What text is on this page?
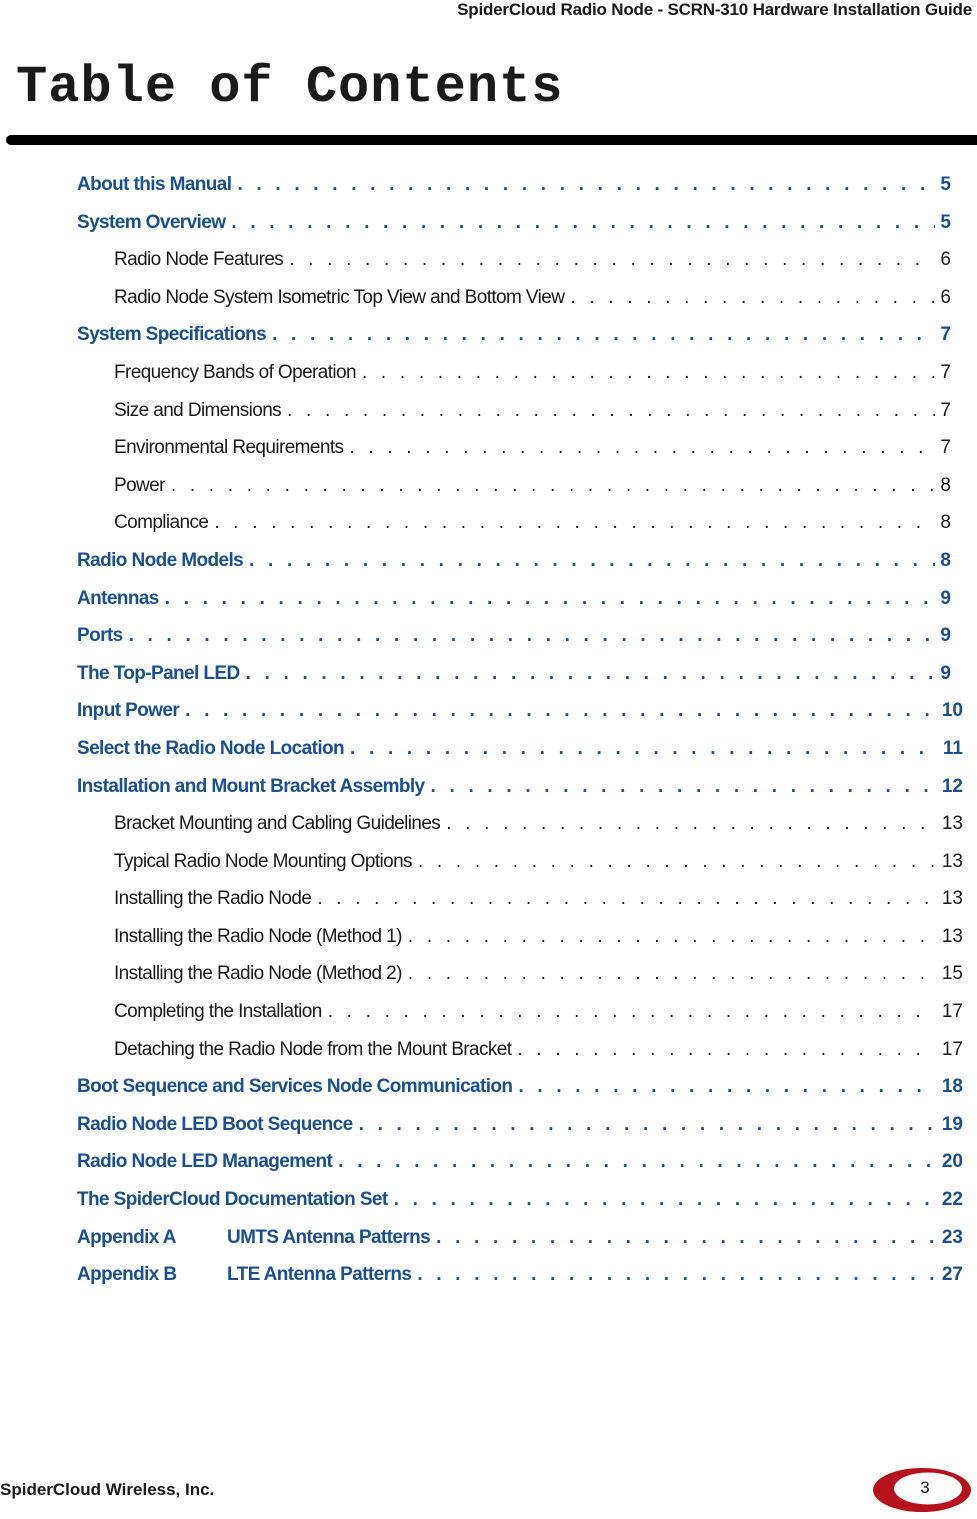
SpiderCloud Radio Node - SCRN-310 Hardware Installation Guide
Table of Contents
About this Manual . . .	5
System Overview . . .	5
Radio Node Features . . .	6
Radio Node System Isometric Top View and Bottom View . . .	6
System Specifications . . .	7
Frequency Bands of Operation . . .	7
Size and Dimensions . . .	7
Environmental Requirements . . .	7
Power . . .	8
Compliance . . .	8
Radio Node Models . . .	8
Antennas . . .	9
Ports . . .	9
The Top-Panel LED . . .	9
Input Power . . .	10
Select the Radio Node Location . . .	11
Installation and Mount Bracket Assembly . . .	12
Bracket Mounting and Cabling Guidelines . . .	13
Typical Radio Node Mounting Options . . .	13
Installing the Radio Node . . .	13
Installing the Radio Node (Method 1) . . .	13
Installing the Radio Node (Method 2) . . .	15
Completing the Installation . . .	17
Detaching the Radio Node from the Mount Bracket . . .	17
Boot Sequence and Services Node Communication . . .	18
Radio Node LED Boot Sequence . . .	19
Radio Node LED Management . . .	20
The SpiderCloud Documentation Set . . .	22
Appendix A	UMTS Antenna Patterns . . .	23
Appendix B	LTE Antenna Patterns . . .	27
SpiderCloud Wireless, Inc.	3
